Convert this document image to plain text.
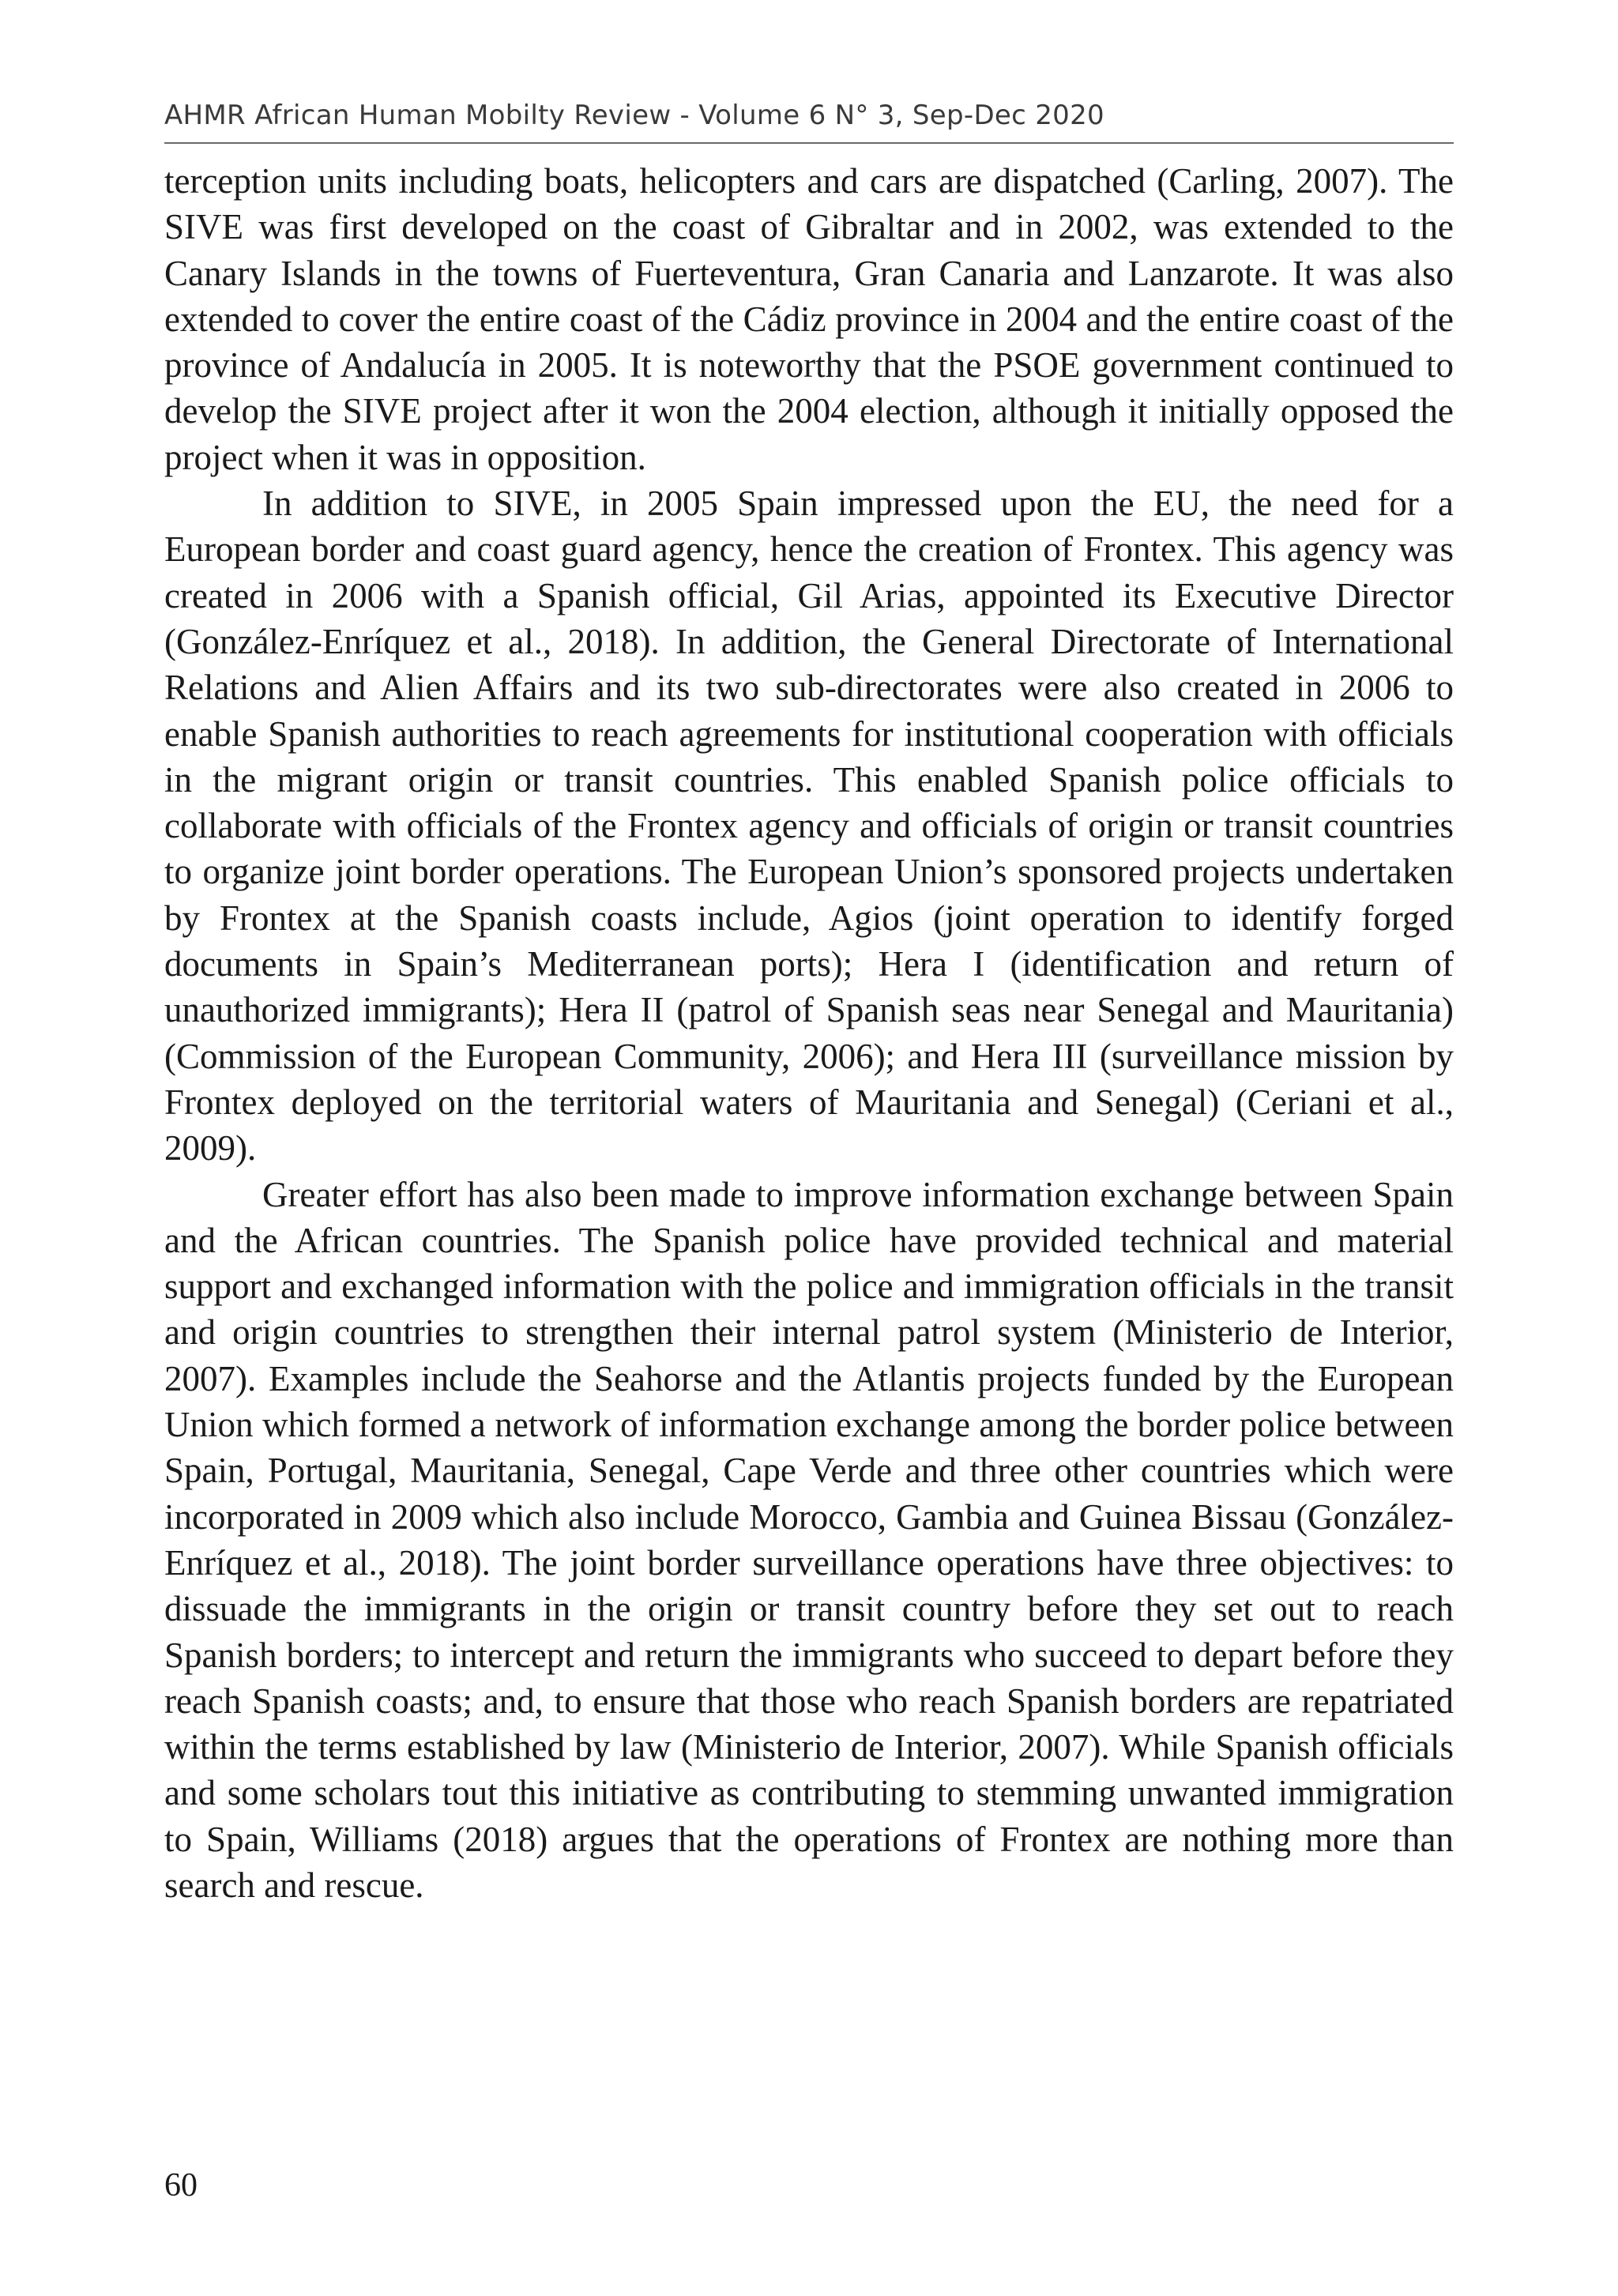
AHMR African Human Mobilty Review - Volume 6 N° 3, Sep-Dec 2020

terception units including boats, helicopters and cars are dispatched (Carling, 2007). The SIVE was first developed on the coast of Gibraltar and in 2002, was extended to the Canary Islands in the towns of Fuerteventura, Gran Canaria and Lanzarote. It was also extended to cover the entire coast of the Cádiz province in 2004 and the entire coast of the province of Andalucía in 2005. It is noteworthy that the PSOE government continued to develop the SIVE project after it won the 2004 election, although it initially opposed the project when it was in opposition.

In addition to SIVE, in 2005 Spain impressed upon the EU, the need for a European border and coast guard agency, hence the creation of Frontex. This agency was created in 2006 with a Spanish official, Gil Arias, appointed its Executive Director (González-Enríquez et al., 2018). In addition, the General Directorate of International Relations and Alien Affairs and its two sub-directorates were also created in 2006 to enable Spanish authorities to reach agreements for institutional cooperation with officials in the migrant origin or transit countries. This enabled Spanish police officials to collaborate with officials of the Frontex agency and officials of origin or transit countries to organize joint border operations. The European Union’s sponsored projects undertaken by Frontex at the Spanish coasts include, Agios (joint operation to identify forged documents in Spain’s Mediterranean ports); Hera I (identification and return of unauthorized immigrants); Hera II (patrol of Spanish seas near Senegal and Mauritania) (Commission of the European Community, 2006); and Hera III (surveillance mission by Frontex deployed on the territorial waters of Mauritania and Senegal) (Ceriani et al., 2009).

Greater effort has also been made to improve information exchange between Spain and the African countries. The Spanish police have provided technical and material support and exchanged information with the police and immigration officials in the transit and origin countries to strengthen their internal patrol system (Ministerio de Interior, 2007). Examples include the Seahorse and the Atlantis projects funded by the European Union which formed a network of information exchange among the border police between Spain, Portugal, Mauritania, Senegal, Cape Verde and three other countries which were incorporated in 2009 which also include Morocco, Gambia and Guinea Bissau (González-Enríquez et al., 2018). The joint border surveillance operations have three objectives: to dissuade the immigrants in the origin or transit country before they set out to reach Spanish borders; to intercept and return the immigrants who succeed to depart before they reach Spanish coasts; and, to ensure that those who reach Spanish borders are repatriated within the terms established by law (Ministerio de Interior, 2007). While Spanish officials and some scholars tout this initiative as contributing to stemming unwanted immigration to Spain, Williams (2018) argues that the operations of Frontex are nothing more than search and rescue.

60
